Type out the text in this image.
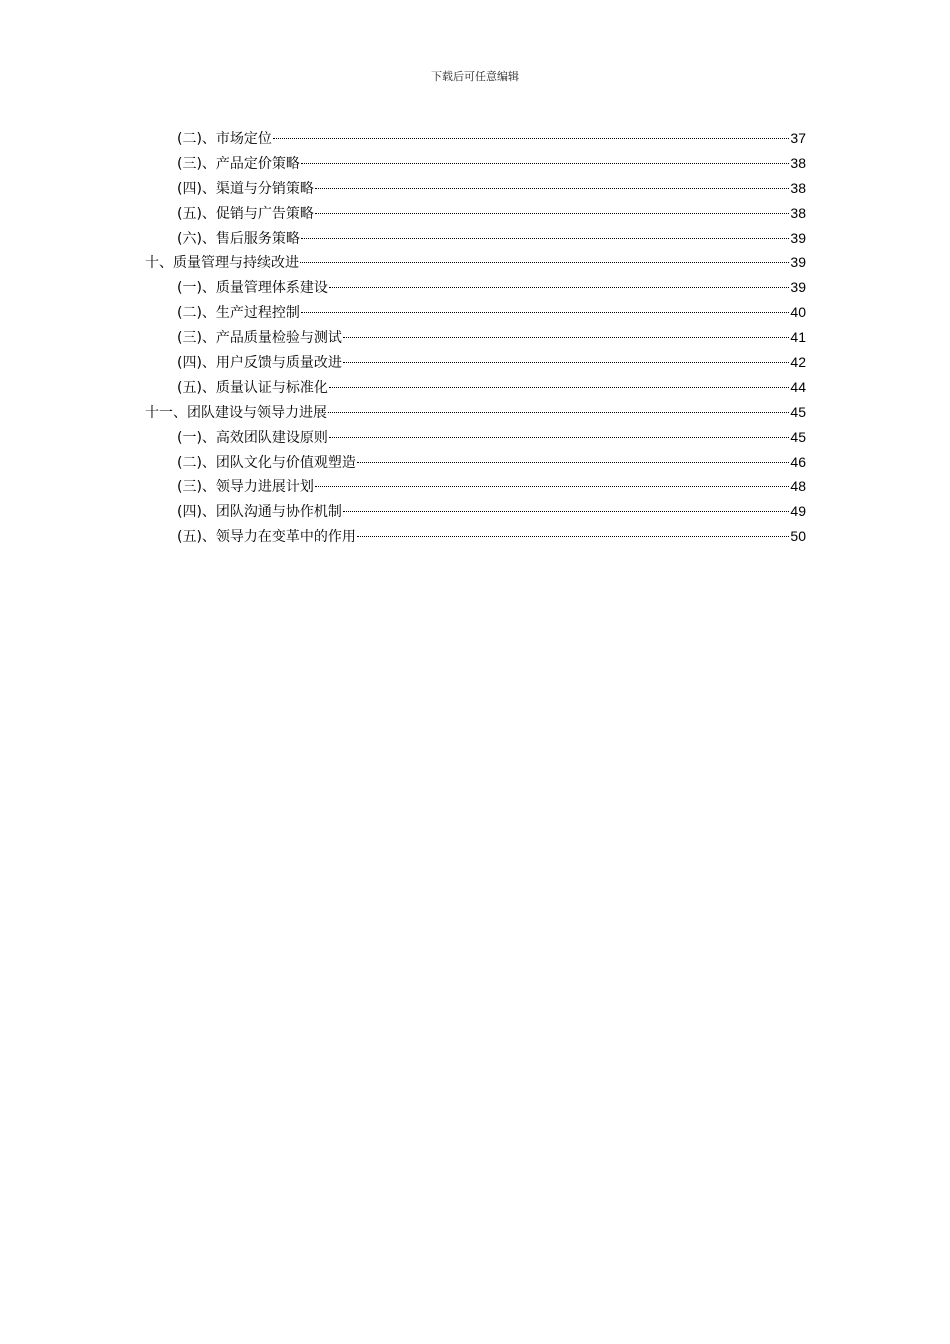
下载后可任意编辑
(二)、市场定位	37
(三)、产品定价策略	38
(四)、渠道与分销策略	38
(五)、促销与广告策略	38
(六)、售后服务策略	39
十、质量管理与持续改进	39
(一)、质量管理体系建设	39
(二)、生产过程控制	40
(三)、产品质量检验与测试	41
(四)、用户反馈与质量改进	42
(五)、质量认证与标准化	44
十一、团队建设与领导力进展	45
(一)、高效团队建设原则	45
(二)、团队文化与价值观塑造	46
(三)、领导力进展计划	48
(四)、团队沟通与协作机制	49
(五)、领导力在变革中的作用	50
